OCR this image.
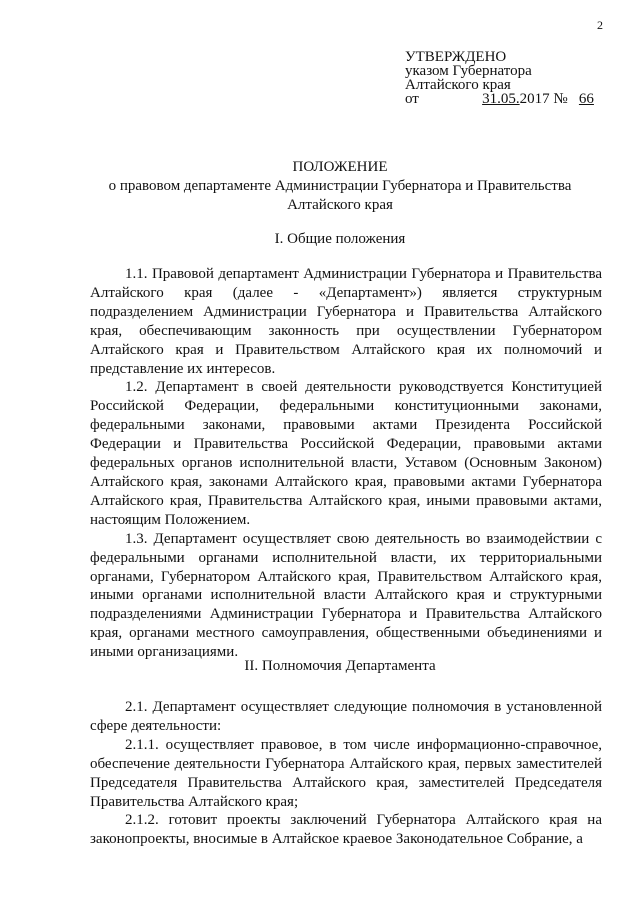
2
УТВЕРЖДЕНО
указом Губернатора
Алтайского края
от	31.05.2017 № 66
ПОЛОЖЕНИЕ
о правовом департаменте Администрации Губернатора и Правительства
Алтайского края
I. Общие положения

1.1. Правовой департамент Администрации Губернатора и Правительства Алтайского края (далее - «Департамент») является структурным подразделением Администрации Губернатора и Правительства Алтайского края, обеспечивающим законность при осуществлении Губернатором Алтайского края и Правительством Алтайского края их полномочий и представление их интересов.

1.2. Департамент в своей деятельности руководствуется Конституцией Российской Федерации, федеральными конституционными законами, федеральными законами, правовыми актами Президента Российской Федерации и Правительства Российской Федерации, правовыми актами федеральных органов исполнительной власти, Уставом (Основным Законом) Алтайского края, законами Алтайского края, правовыми актами Губернатора Алтайского края, Правительства Алтайского края, иными правовыми актами, настоящим Положением.

1.3. Департамент осуществляет свою деятельность во взаимодействии с федеральными органами исполнительной власти, их территориальными органами, Губернатором Алтайского края, Правительством Алтайского края, иными органами исполнительной власти Алтайского края и структурными подразделениями Администрации Губернатора и Правительства Алтайского края, органами местного самоуправления, общественными объединениями и иными организациями.

II. Полномочия Департамента

2.1. Департамент осуществляет следующие полномочия в установленной сфере деятельности:

2.1.1. осуществляет правовое, в том числе информационно-справочное, обеспечение деятельности Губернатора Алтайского края, первых заместителей Председателя Правительства Алтайского края, заместителей Председателя Правительства Алтайского края;

2.1.2. готовит проекты заключений Губернатора Алтайского края на законопроекты, вносимые в Алтайское краевое Законодательное Собрание, а
